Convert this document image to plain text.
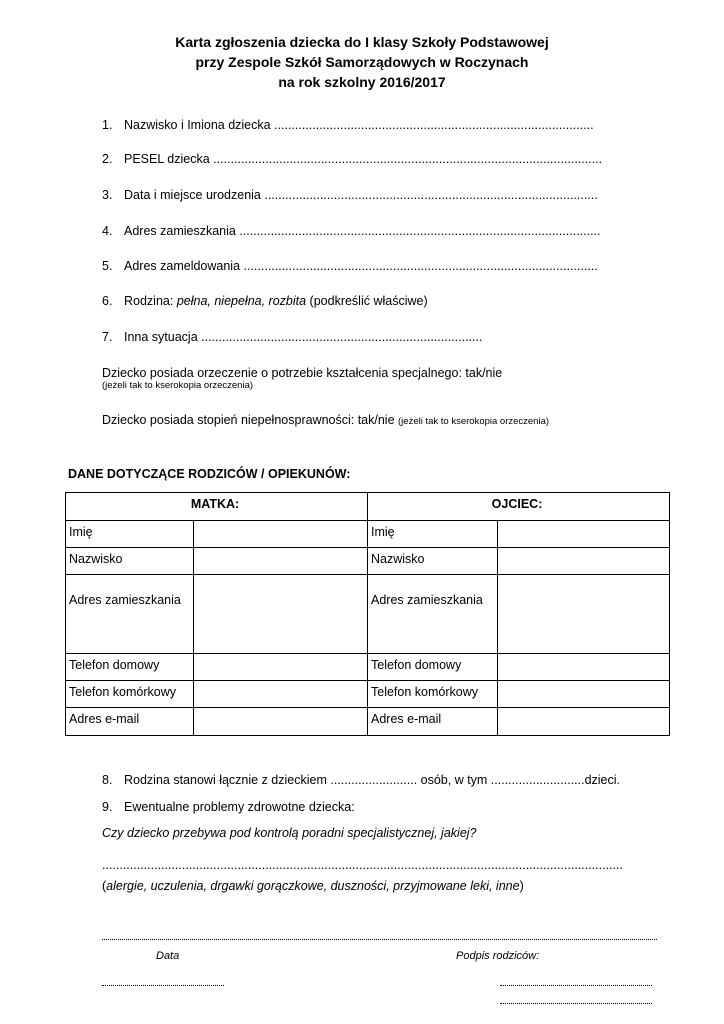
Karta zgłoszenia dziecka do I klasy Szkoły Podstawowej
przy Zespole Szkół Samorządowych w Roczynach
na rok szkolny 2016/2017
1. Nazwisko i Imiona dziecka ............................................................................................
2. PESEL dziecka ................................................................................................................
3. Data i miejsce urodzenia ................................................................................................
4. Adres zamieszkania ........................................................................................................
5. Adres zameldowania ......................................................................................................
6. Rodzina: pełna, niepełna, rozbita (podkreślić właściwe)
7. Inna sytuacja .................................................................................
Dziecko posiada orzeczenie o potrzebie kształcenia specjalnego: tak/nie
(jeżeli tak to kserokopia orzeczenia)
Dziecko posiada stopień niepełnosprawności: tak/nie (jeżeli tak to kserokopia orzeczenia)
DANE DOTYCZĄCE RODZICÓW / OPIEKUNÓW:
MATKA:		OJCIEC:	
Imię		Imię	
Nazwisko		Nazwisko	
Adres zamieszkania		Adres zamieszkania	
Telefon domowy		Telefon domowy	
Telefon komórkowy		Telefon komórkowy	
Adres e-mail		Adres e-mail	
8. Rodzina stanowi łącznie z dzieckiem ......................... osób, w tym ...........................dzieci.
9. Ewentualne problemy zdrowotne dziecka:
Czy dziecko przebywa pod kontrolą poradni specjalistycznej, jakiej?
......................................................................................................................................................
(alergie, uczulenia, drgawki gorączkowe, duszności, przyjmowane leki, inne)
Data	Podpis rodziców:
